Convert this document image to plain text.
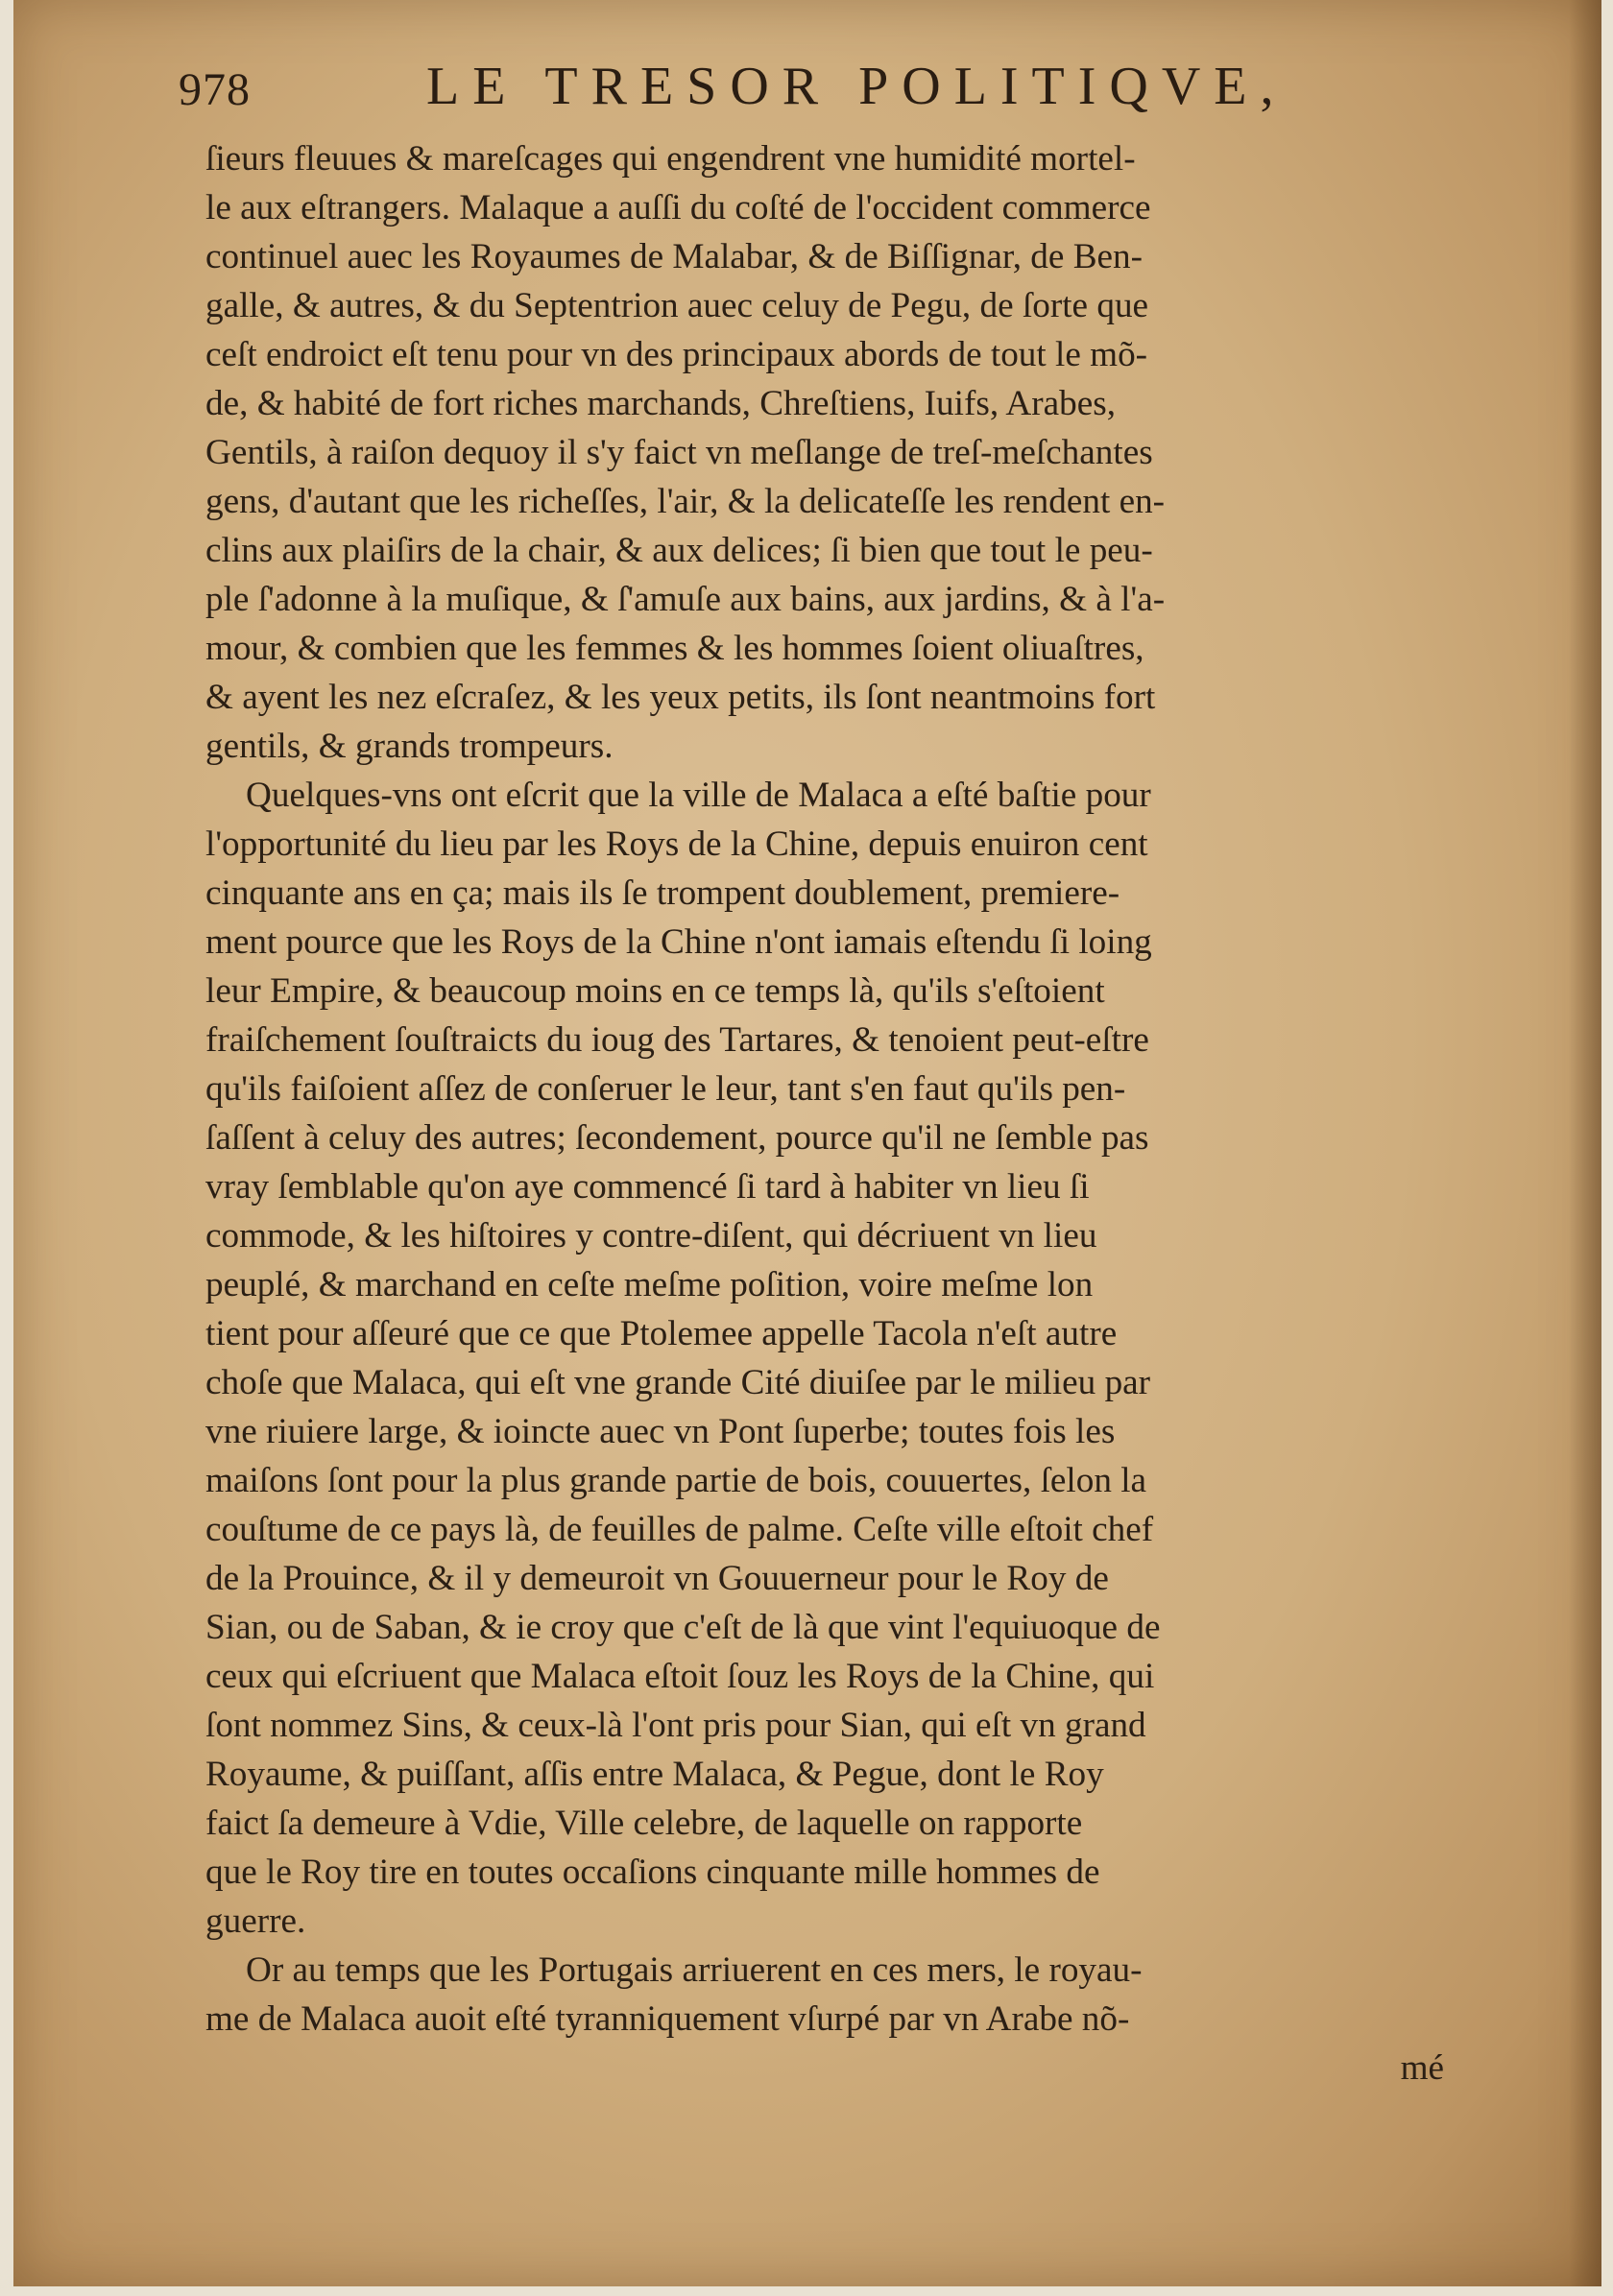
978	LE TRESOR POLITIQVE,
ſieurs fleuues & mareſcages qui engendrent vne humidité mortel-
le aux eſtrangers. Malaque a auſſi du coſté de l'occident commerce
continuel auec les Royaumes de Malabar, & de Biſſignar, de Ben-
galle, & autres, & du Septentrion auec celuy de Pegu, de ſorte que
ceſt endroict eſt tenu pour vn des principaux abords de tout le mõ-
de, & habité de fort riches marchands, Chreſtiens, Iuifs, Arabes,
Gentils, à raiſon dequoy il s'y faict vn meſlange de treſ-meſchantes
gens, d'autant que les richeſſes, l'air, & la delicateſſe les rendent en-
clins aux plaiſirs de la chair, & aux delices; ſi bien que tout le peu-
ple ſ'adonne à la muſique, & ſ'amuſe aux bains, aux jardins, & à l'a-
mour, & combien que les femmes & les hommes ſoient oliuaſtres,
& ayent les nez eſcraſez, & les yeux petits, ils ſont neantmoins fort
gentils, & grands trompeurs.
Quelques-vns ont eſcrit que la ville de Malaca a eſté baſtie pour
l'opportunité du lieu par les Roys de la Chine, depuis enuiron cent
cinquante ans en ça; mais ils ſe trompent doublement, premiere-
ment pource que les Roys de la Chine n'ont iamais eſtendu ſi loing
leur Empire, & beaucoup moins en ce temps là, qu'ils s'eſtoient
fraiſchement ſouſtraicts du ioug des Tartares, & tenoient peut-eſtre
qu'ils faiſoient aſſez de conſeruer le leur, tant s'en faut qu'ils pen-
ſaſſent à celuy des autres; ſecondement, pource qu'il ne ſemble pas
vray ſemblable qu'on aye commencé ſi tard à habiter vn lieu ſi
commode, & les hiſtoires y contre-diſent, qui décriuent vn lieu
peuplé, & marchand en ceſte meſme poſition, voire meſme lon
tient pour aſſeuré que ce que Ptolemee appelle Tacola n'eſt autre
choſe que Malaca, qui eſt vne grande Cité diuiſee par le milieu par
vne riuiere large, & ioincte auec vn Pont ſuperbe; toutes fois les
maiſons ſont pour la plus grande partie de bois, couuertes, ſelon la
couſtume de ce pays là, de feuilles de palme. Ceſte ville eſtoit chef
de la Prouince, & il y demeuroit vn Gouuerneur pour le Roy de
Sian, ou de Saban, & ie croy que c'eſt de là que vint l'equiuoque de
ceux qui eſcriuent que Malaca eſtoit ſouz les Roys de la Chine, qui
ſont nommez Sins, & ceux-là l'ont pris pour Sian, qui eſt vn grand
Royaume, & puiſſant, aſſis entre Malaca, & Pegue, dont le Roy
faict ſa demeure à Vdie, Ville celebre, de laquelle on rapporte
que le Roy tire en toutes occaſions cinquante mille hommes de
guerre.
Or au temps que les Portugais arriuerent en ces mers, le royau-
me de Malaca auoit eſté tyranniquement vſurpé par vn Arabe nõ-
mé
